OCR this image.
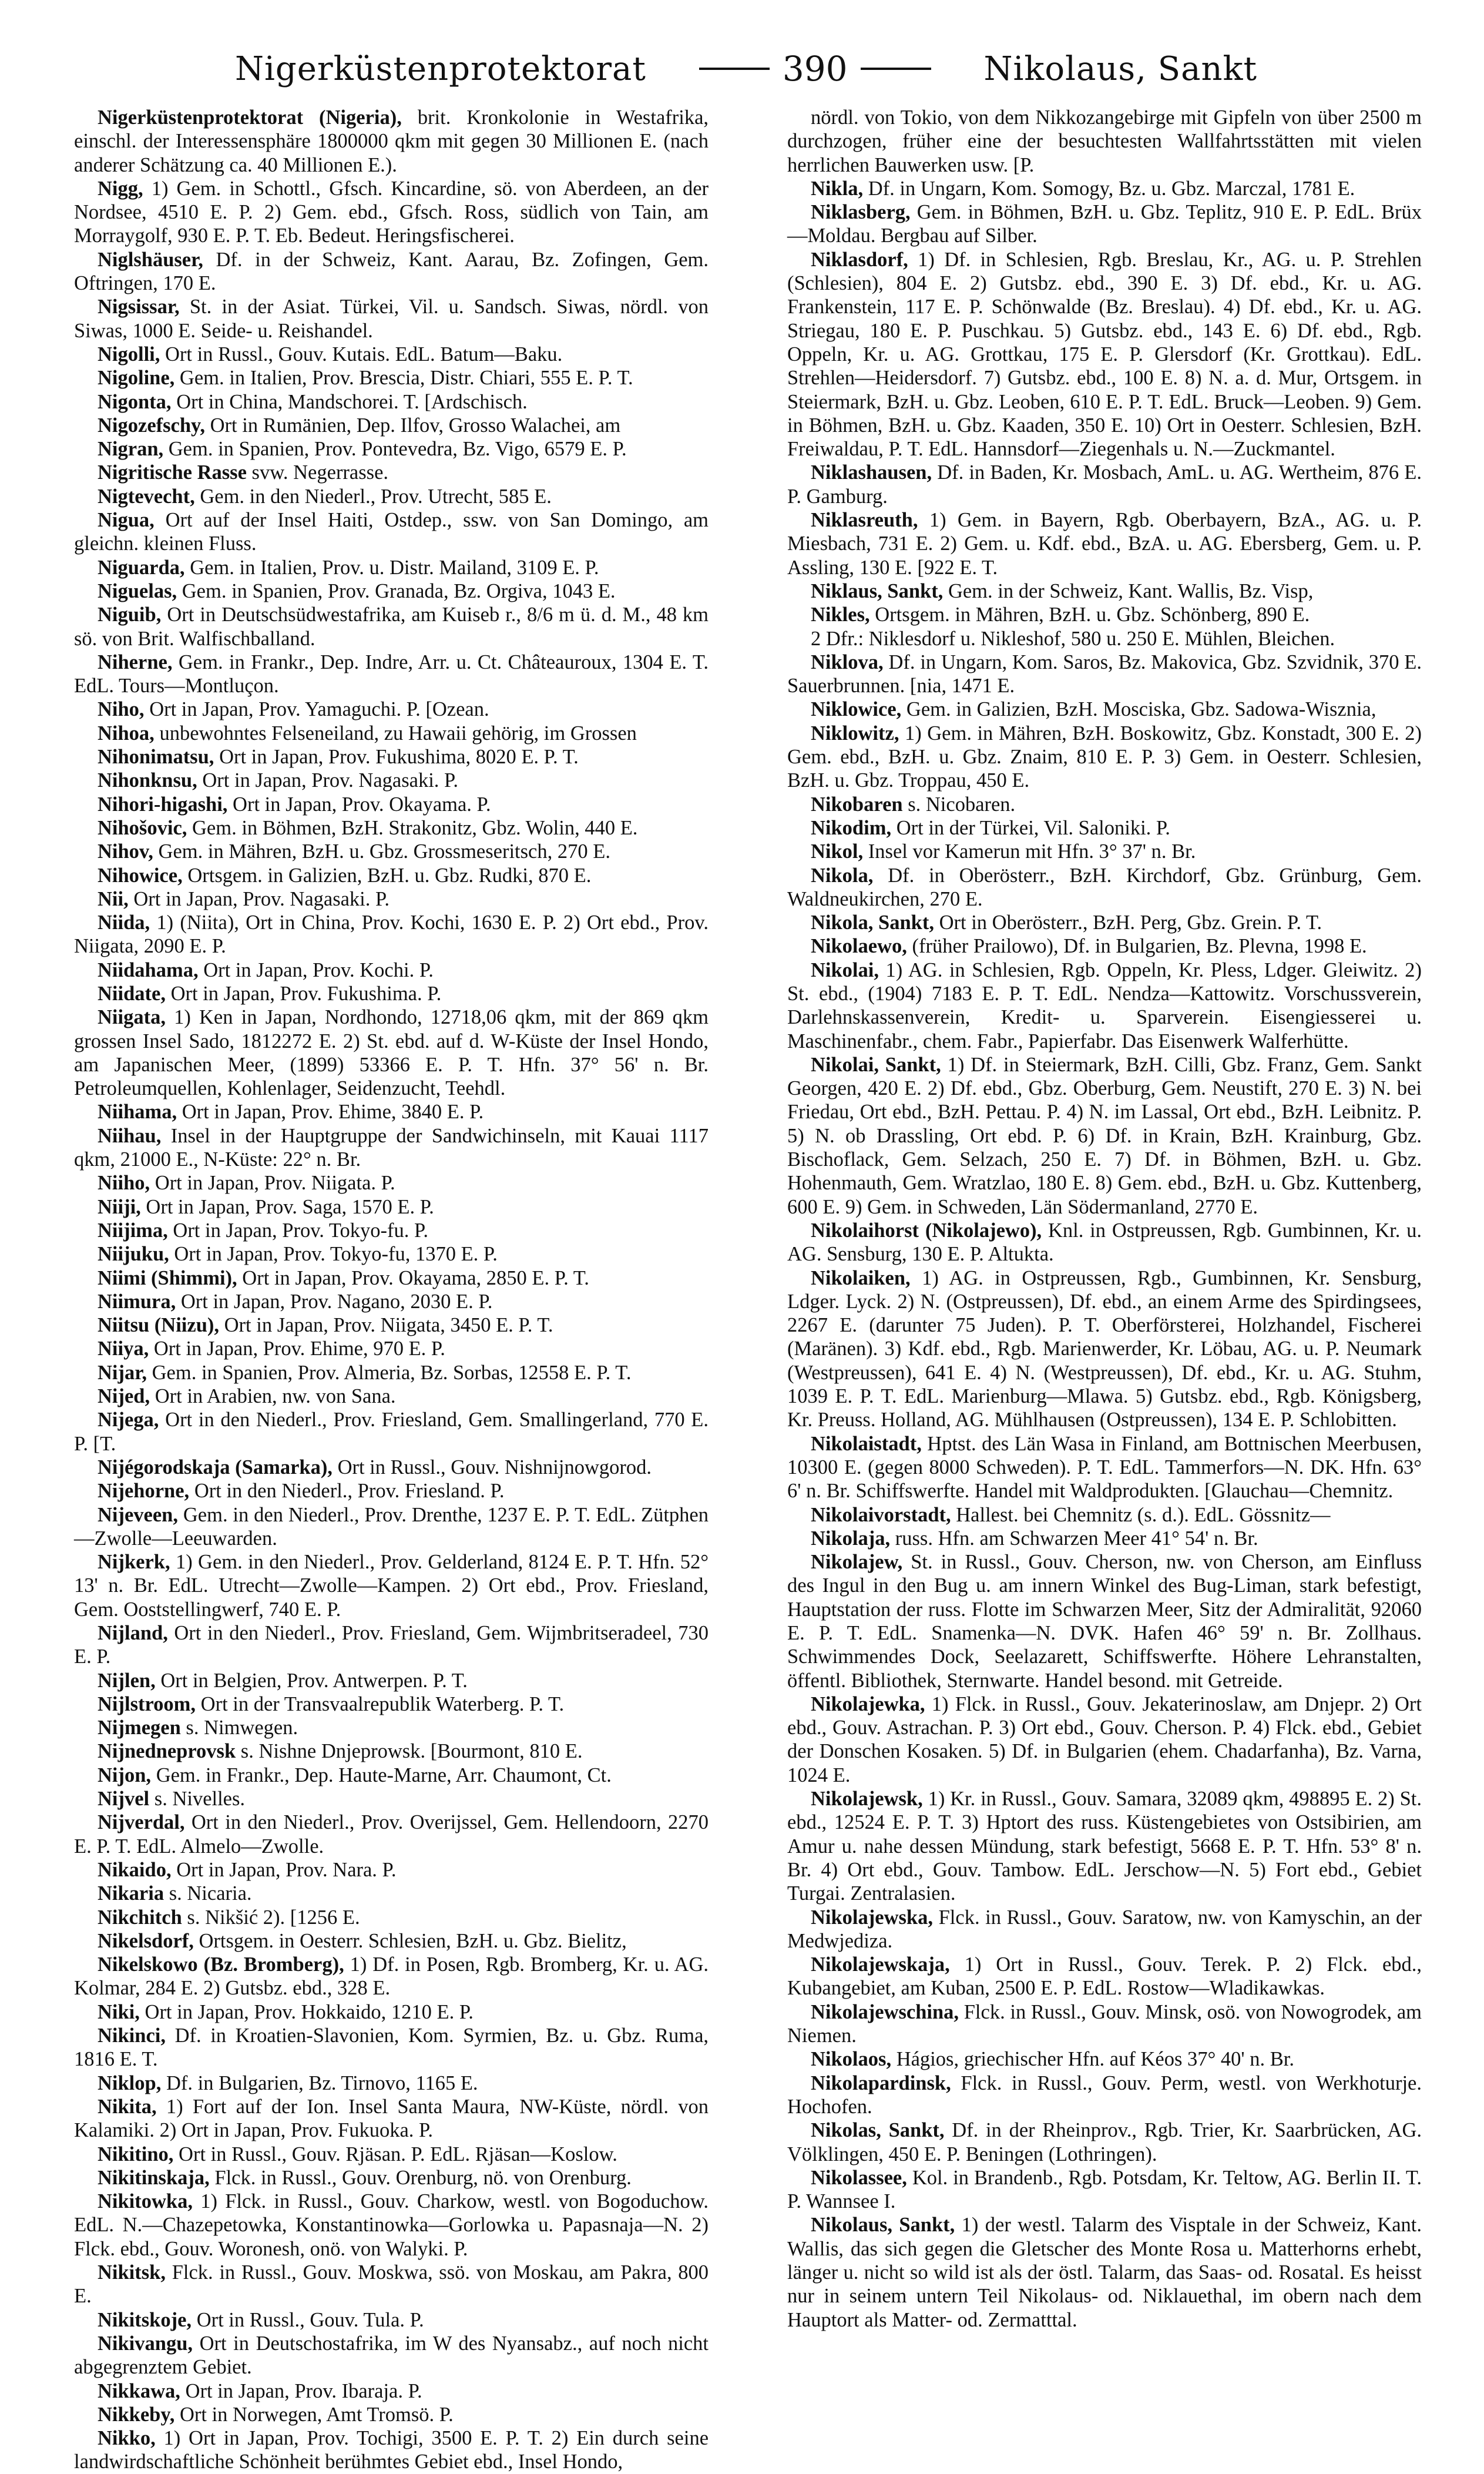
Nigerküstenprotektorat	390	Nikolaus, Sankt

Nigerküstenprotektorat (Nigeria), brit. Kronkolonie in Westafrika, einschl. der Interessensphäre 1800000 qkm mit gegen 30 Millionen E. (nach anderer Schätzung ca. 40 Millionen E.).

Nigg, 1) Gem. in Schottl., Gfsch. Kincardine, sö. von Aberdeen, an der Nordsee, 4510 E. P. 2) Gem. ebd., Gfsch. Ross, südlich von Tain, am Morraygolf, 930 E. P. T. Eb. Bedeut. Heringsfischerei.

Niglshäuser, Df. in der Schweiz, Kant. Aarau, Bz. Zofingen, Gem. Oftringen, 170 E.

Nigsissar, St. in der Asiat. Türkei, Vil. u. Sandsch. Siwas, nördl. von Siwas, 1000 E. Seide- u. Reishandel.

Nigolli, Ort in Russl., Gouv. Kutais. EdL. Batum—Baku.

Nigoline, Gem. in Italien, Prov. Brescia, Distr. Chiari, 555 E. P. T.

Nigonta, Ort in China, Mandschorei. T. [Ardschisch.

Nigozefschy, Ort in Rumänien, Dep. Ilfov, Grosso Walachei, am

Nigran, Gem. in Spanien, Prov. Pontevedra, Bz. Vigo, 6579 E. P.

Nigritische Rasse svw. Negerrasse.

Nigtevecht, Gem. in den Niederl., Prov. Utrecht, 585 E.

Nigua, Ort auf der Insel Haiti, Ostdep., ssw. von San Domingo, am gleichn. kleinen Fluss.

Niguarda, Gem. in Italien, Prov. u. Distr. Mailand, 3109 E. P.

Niguelas, Gem. in Spanien, Prov. Granada, Bz. Orgiva, 1043 E.

Niguib, Ort in Deutschsüdwestafrika, am Kuiseb r., 8/6 m ü. d. M., 48 km sö. von Brit. Walfischballand.

Niherne, Gem. in Frankr., Dep. Indre, Arr. u. Ct. Châteauroux, 1304 E. T. EdL. Tours—Montluçon.

Niho, Ort in Japan, Prov. Yamaguchi. P. [Ozean.

Nihoa, unbewohntes Felseneiland, zu Hawaii gehörig, im Grossen

Nihonimatsu, Ort in Japan, Prov. Fukushima, 8020 E. P. T.

Nihonknsu, Ort in Japan, Prov. Nagasaki. P.

Nihori-higashi, Ort in Japan, Prov. Okayama. P.

Nihošovic, Gem. in Böhmen, BzH. Strakonitz, Gbz. Wolin, 440 E.

Nihov, Gem. in Mähren, BzH. u. Gbz. Grossmeseritsch, 270 E.

Nihowice, Ortsgem. in Galizien, BzH. u. Gbz. Rudki, 870 E.

Nii, Ort in Japan, Prov. Nagasaki. P.

Niida, 1) (Niita), Ort in China, Prov. Kochi, 1630 E. P. 2) Ort ebd., Prov. Niigata, 2090 E. P.

Niidahama, Ort in Japan, Prov. Kochi. P.

Niidate, Ort in Japan, Prov. Fukushima. P.

Niigata, 1) Ken in Japan, Nordhondo, 12718,06 qkm, mit der 869 qkm grossen Insel Sado, 1812272 E. 2) St. ebd. auf d. W-Küste der Insel Hondo, am Japanischen Meer, (1899) 53366 E. P. T. Hfn. 37° 56' n. Br. Petroleumquellen, Kohlenlager, Seidenzucht, Teehdl.

Niihama, Ort in Japan, Prov. Ehime, 3840 E. P.

Niihau, Insel in der Hauptgruppe der Sandwichinseln, mit Kauai 1117 qkm, 21000 E., N-Küste: 22° n. Br.

Niiho, Ort in Japan, Prov. Niigata. P.

Niiji, Ort in Japan, Prov. Saga, 1570 E. P.

Niijima, Ort in Japan, Prov. Tokyo-fu. P.

Niijuku, Ort in Japan, Prov. Tokyo-fu, 1370 E. P.

Niimi (Shimmi), Ort in Japan, Prov. Okayama, 2850 E. P. T.

Niimura, Ort in Japan, Prov. Nagano, 2030 E. P.

Niitsu (Niizu), Ort in Japan, Prov. Niigata, 3450 E. P. T.

Niiya, Ort in Japan, Prov. Ehime, 970 E. P.

Nijar, Gem. in Spanien, Prov. Almeria, Bz. Sorbas, 12558 E. P. T.

Nijed, Ort in Arabien, nw. von Sana.

Nijega, Ort in den Niederl., Prov. Friesland, Gem. Smallingerland, 770 E. P. [T.

Nijégorodskaja (Samarka), Ort in Russl., Gouv. Nishnijnowgorod.

Nijehorne, Ort in den Niederl., Prov. Friesland. P.

Nijeveen, Gem. in den Niederl., Prov. Drenthe, 1237 E. P. T. EdL. Zütphen—Zwolle—Leeuwarden.

Nijkerk, 1) Gem. in den Niederl., Prov. Gelderland, 8124 E. P. T. Hfn. 52° 13' n. Br. EdL. Utrecht—Zwolle—Kampen. 2) Ort ebd., Prov. Friesland, Gem. Ooststellingwerf, 740 E. P.

Nijland, Ort in den Niederl., Prov. Friesland, Gem. Wijmbritseradeel, 730 E. P.

Nijlen, Ort in Belgien, Prov. Antwerpen. P. T.

Nijlstroom, Ort in der Transvaalrepublik Waterberg. P. T.

Nijmegen s. Nimwegen.

Nijnedneprovsk s. Nishne Dnjeprowsk. [Bourmont, 810 E.

Nijon, Gem. in Frankr., Dep. Haute-Marne, Arr. Chaumont, Ct.

Nijvel s. Nivelles.

Nijverdal, Ort in den Niederl., Prov. Overijssel, Gem. Hellendoorn, 2270 E. P. T. EdL. Almelo—Zwolle.

Nikaido, Ort in Japan, Prov. Nara. P.

Nikaria s. Nicaria.

Nikchitch s. Nikšić 2). [1256 E.

Nikelsdorf, Ortsgem. in Oesterr. Schlesien, BzH. u. Gbz. Bielitz,

Nikelskowo (Bz. Bromberg), 1) Df. in Posen, Rgb. Bromberg, Kr. u. AG. Kolmar, 284 E. 2) Gutsbz. ebd., 328 E.

Niki, Ort in Japan, Prov. Hokkaido, 1210 E. P.

Nikinci, Df. in Kroatien-Slavonien, Kom. Syrmien, Bz. u. Gbz. Ruma, 1816 E. T.

Niklop, Df. in Bulgarien, Bz. Tirnovo, 1165 E.

Nikita, 1) Fort auf der Ion. Insel Santa Maura, NW-Küste, nördl. von Kalamiki. 2) Ort in Japan, Prov. Fukuoka. P.

Nikitino, Ort in Russl., Gouv. Rjäsan. P. EdL. Rjäsan—Koslow.

Nikitinskaja, Flck. in Russl., Gouv. Orenburg, nö. von Orenburg.

Nikitowka, 1) Flck. in Russl., Gouv. Charkow, westl. von Bogoduchow. EdL. N.—Chazepetowka, Konstantinowka—Gorlowka u. Papasnaja—N. 2) Flck. ebd., Gouv. Woronesh, onö. von Walyki. P.

Nikitsk, Flck. in Russl., Gouv. Moskwa, ssö. von Moskau, am Pakra, 800 E.

Nikitskoje, Ort in Russl., Gouv. Tula. P.

Nikivangu, Ort in Deutschostafrika, im W des Nyansabz., auf noch nicht abgegrenztem Gebiet.

Nikkawa, Ort in Japan, Prov. Ibaraja. P.

Nikkeby, Ort in Norwegen, Amt Tromsö. P.

Nikko, 1) Ort in Japan, Prov. Tochigi, 3500 E. P. T. 2) Ein durch seine landwirdschaftliche Schönheit berühmtes Gebiet ebd., Insel Hondo,

nördl. von Tokio, von dem Nikkozangebirge mit Gipfeln von über 2500 m durchzogen, früher eine der besuchtesten Wallfahrtsstätten mit vielen herrlichen Bauwerken usw. [P.

Nikla, Df. in Ungarn, Kom. Somogy, Bz. u. Gbz. Marczal, 1781 E.

Niklasberg, Gem. in Böhmen, BzH. u. Gbz. Teplitz, 910 E. P. EdL. Brüx—Moldau. Bergbau auf Silber.

Niklasdorf, 1) Df. in Schlesien, Rgb. Breslau, Kr., AG. u. P. Strehlen (Schlesien), 804 E. 2) Gutsbz. ebd., 390 E. 3) Df. ebd., Kr. u. AG. Frankenstein, 117 E. P. Schönwalde (Bz. Breslau). 4) Df. ebd., Kr. u. AG. Striegau, 180 E. P. Puschkau. 5) Gutsbz. ebd., 143 E. 6) Df. ebd., Rgb. Oppeln, Kr. u. AG. Grottkau, 175 E. P. Glersdorf (Kr. Grottkau). EdL. Strehlen—Heidersdorf. 7) Gutsbz. ebd., 100 E. 8) N. a. d. Mur, Ortsgem. in Steiermark, BzH. u. Gbz. Leoben, 610 E. P. T. EdL. Bruck—Leoben. 9) Gem. in Böhmen, BzH. u. Gbz. Kaaden, 350 E. 10) Ort in Oesterr. Schlesien, BzH. Freiwaldau, P. T. EdL. Hannsdorf—Ziegenhals u. N.—Zuckmantel.

Niklashausen, Df. in Baden, Kr. Mosbach, AmL. u. AG. Wertheim, 876 E. P. Gamburg.

Niklasreuth, 1) Gem. in Bayern, Rgb. Oberbayern, BzA., AG. u. P. Miesbach, 731 E. 2) Gem. u. Kdf. ebd., BzA. u. AG. Ebersberg, Gem. u. P. Assling, 130 E. [922 E. T.

Niklaus, Sankt, Gem. in der Schweiz, Kant. Wallis, Bz. Visp,

Nikles, Ortsgem. in Mähren, BzH. u. Gbz. Schönberg, 890 E.

2 Dfr.: Niklesdorf u. Nikleshof, 580 u. 250 E. Mühlen, Bleichen.

Niklova, Df. in Ungarn, Kom. Saros, Bz. Makovica, Gbz. Szvidnik, 370 E. Sauerbrunnen. [nia, 1471 E.

Niklowice, Gem. in Galizien, BzH. Mosciska, Gbz. Sadowa-Wisznia,

Niklowitz, 1) Gem. in Mähren, BzH. Boskowitz, Gbz. Konstadt, 300 E. 2) Gem. ebd., BzH. u. Gbz. Znaim, 810 E. P. 3) Gem. in Oesterr. Schlesien, BzH. u. Gbz. Troppau, 450 E.

Nikobaren s. Nicobaren.

Nikodim, Ort in der Türkei, Vil. Saloniki. P.

Nikol, Insel vor Kamerun mit Hfn. 3° 37' n. Br.

Nikola, Df. in Oberösterr., BzH. Kirchdorf, Gbz. Grünburg, Gem. Waldneukirchen, 270 E.

Nikola, Sankt, Ort in Oberösterr., BzH. Perg, Gbz. Grein. P. T.

Nikolaewo, (früher Prailowo), Df. in Bulgarien, Bz. Plevna, 1998 E.

Nikolai, 1) AG. in Schlesien, Rgb. Oppeln, Kr. Pless, Ldger. Gleiwitz. 2) St. ebd., (1904) 7183 E. P. T. EdL. Nendza—Kattowitz. Vorschussverein, Darlehnskassenverein, Kredit- u. Sparverein. Eisengiesserei u. Maschinenfabr., chem. Fabr., Papierfabr. Das Eisenwerk Walferhütte.

Nikolai, Sankt, 1) Df. in Steiermark, BzH. Cilli, Gbz. Franz, Gem. Sankt Georgen, 420 E. 2) Df. ebd., Gbz. Oberburg, Gem. Neustift, 270 E. 3) N. bei Friedau, Ort ebd., BzH. Pettau. P. 4) N. im Lassal, Ort ebd., BzH. Leibnitz. P. 5) N. ob Drassling, Ort ebd. P. 6) Df. in Krain, BzH. Krainburg, Gbz. Bischoflack, Gem. Selzach, 250 E. 7) Df. in Böhmen, BzH. u. Gbz. Hohenmauth, Gem. Wratzlao, 180 E. 8) Gem. ebd., BzH. u. Gbz. Kuttenberg, 600 E. 9) Gem. in Schweden, Län Södermanland, 2770 E.

Nikolaihorst (Nikolajewo), Knl. in Ostpreussen, Rgb. Gumbinnen, Kr. u. AG. Sensburg, 130 E. P. Altukta.

Nikolaiken, 1) AG. in Ostpreussen, Rgb., Gumbinnen, Kr. Sensburg, Ldger. Lyck. 2) N. (Ostpreussen), Df. ebd., an einem Arme des Spirdingsees, 2267 E. (darunter 75 Juden). P. T. Oberförsterei, Holzhandel, Fischerei (Maränen). 3) Kdf. ebd., Rgb. Marienwerder, Kr. Löbau, AG. u. P. Neumark (Westpreussen), 641 E. 4) N. (Westpreussen), Df. ebd., Kr. u. AG. Stuhm, 1039 E. P. T. EdL. Marienburg—Mlawa. 5) Gutsbz. ebd., Rgb. Königsberg, Kr. Preuss. Holland, AG. Mühlhausen (Ostpreussen), 134 E. P. Schlobitten.

Nikolaistadt, Hptst. des Län Wasa in Finland, am Bottnischen Meerbusen, 10300 E. (gegen 8000 Schweden). P. T. EdL. Tammerfors—N. DK. Hfn. 63° 6' n. Br. Schiffswerfte. Handel mit Waldprodukten. [Glauchau—Chemnitz.

Nikolaivorstadt, Hallest. bei Chemnitz (s. d.). EdL. Gössnitz—

Nikolaja, russ. Hfn. am Schwarzen Meer 41° 54' n. Br.

Nikolajew, St. in Russl., Gouv. Cherson, nw. von Cherson, am Einfluss des Ingul in den Bug u. am innern Winkel des Bug-Liman, stark befestigt, Hauptstation der russ. Flotte im Schwarzen Meer, Sitz der Admiralität, 92060 E. P. T. EdL. Snamenka—N. DVK. Hafen 46° 59' n. Br. Zollhaus. Schwimmendes Dock, Seelazarett, Schiffswerfte. Höhere Lehranstalten, öffentl. Bibliothek, Sternwarte. Handel besond. mit Getreide.

Nikolajewka, 1) Flck. in Russl., Gouv. Jekaterinoslaw, am Dnjepr. 2) Ort ebd., Gouv. Astrachan. P. 3) Ort ebd., Gouv. Cherson. P. 4) Flck. ebd., Gebiet der Donschen Kosaken. 5) Df. in Bulgarien (ehem. Chadarfanha), Bz. Varna, 1024 E.

Nikolajewsk, 1) Kr. in Russl., Gouv. Samara, 32089 qkm, 498895 E. 2) St. ebd., 12524 E. P. T. 3) Hptort des russ. Küstengebietes von Ostsibirien, am Amur u. nahe dessen Mündung, stark befestigt, 5668 E. P. T. Hfn. 53° 8' n. Br. 4) Ort ebd., Gouv. Tambow. EdL. Jerschow—N. 5) Fort ebd., Gebiet Turgai. Zentralasien.

Nikolajewska, Flck. in Russl., Gouv. Saratow, nw. von Kamyschin, an der Medwjediza.

Nikolajewskaja, 1) Ort in Russl., Gouv. Terek. P. 2) Flck. ebd., Kubangebiet, am Kuban, 2500 E. P. EdL. Rostow—Wladikawkas.

Nikolajewschina, Flck. in Russl., Gouv. Minsk, osö. von Nowogrodek, am Niemen.

Nikolaos, Hágios, griechischer Hfn. auf Kéos 37° 40' n. Br.

Nikolapardinsk, Flck. in Russl., Gouv. Perm, westl. von Werkhoturje. Hochofen.

Nikolas, Sankt, Df. in der Rheinprov., Rgb. Trier, Kr. Saarbrücken, AG. Völklingen, 450 E. P. Beningen (Lothringen).

Nikolassee, Kol. in Brandenb., Rgb. Potsdam, Kr. Teltow, AG. Berlin II. T. P. Wannsee I.

Nikolaus, Sankt, 1) der westl. Talarm des Visptale in der Schweiz, Kant. Wallis, das sich gegen die Gletscher des Monte Rosa u. Matterhorns erhebt, länger u. nicht so wild ist als der östl. Talarm, das Saas- od. Rosatal. Es heisst nur in seinem untern Teil Nikolaus- od. Niklauethal, im obern nach dem Hauptort als Matter- od. Zermatttal.
